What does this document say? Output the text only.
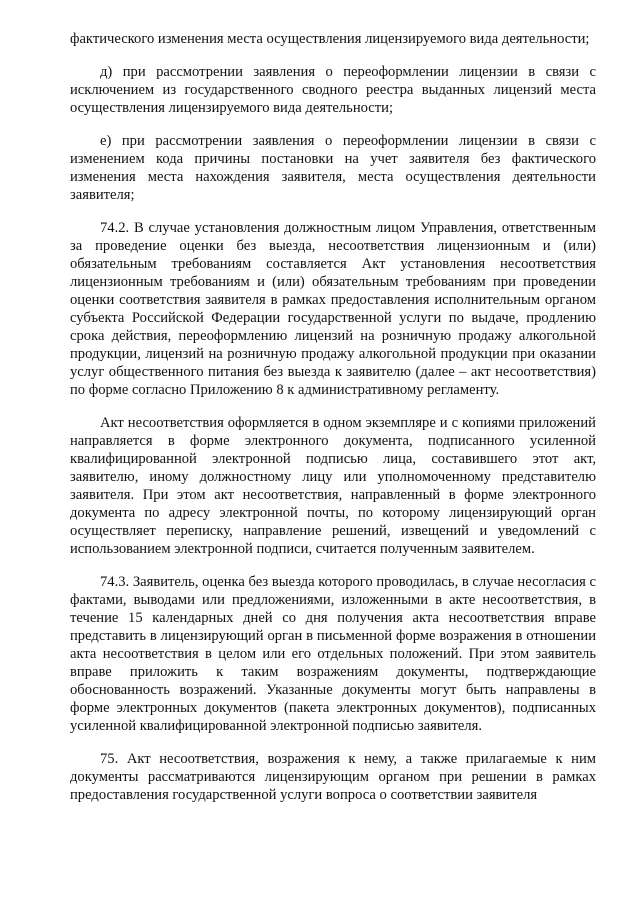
фактического изменения места осуществления лицензируемого вида деятельности;

д) при рассмотрении заявления о переоформлении лицензии в связи с исключением из государственного сводного реестра выданных лицензий места осуществления лицензируемого вида деятельности;

е) при рассмотрении заявления о переоформлении лицензии в связи с изменением кода причины постановки на учет заявителя без фактического изменения места нахождения заявителя, места осуществления деятельности заявителя;

74.2. В случае установления должностным лицом Управления, ответственным за проведение оценки без выезда, несоответствия лицензионным и (или) обязательным требованиям составляется Акт установления несоответствия лицензионным требованиям и (или) обязательным требованиям при проведении оценки соответствия заявителя в рамках предоставления исполнительным органом субъекта Российской Федерации государственной услуги по выдаче, продлению срока действия, переоформлению лицензий на розничную продажу алкогольной продукции, лицензий на розничную продажу алкогольной продукции при оказании услуг общественного питания без выезда к заявителю (далее – акт несоответствия) по форме согласно Приложению 8 к административному регламенту.

Акт несоответствия оформляется в одном экземпляре и с копиями приложений направляется в форме электронного документа, подписанного усиленной квалифицированной электронной подписью лица, составившего этот акт, заявителю, иному должностному лицу или уполномоченному представителю заявителя. При этом акт несоответствия, направленный в форме электронного документа по адресу электронной почты, по которому лицензирующий орган осуществляет переписку, направление решений, извещений и уведомлений с использованием электронной подписи, считается полученным заявителем.

74.3. Заявитель, оценка без выезда которого проводилась, в случае несогласия с фактами, выводами или предложениями, изложенными в акте несоответствия, в течение 15 календарных дней со дня получения акта несоответствия вправе представить в лицензирующий орган в письменной форме возражения в отношении акта несоответствия в целом или его отдельных положений. При этом заявитель вправе приложить к таким возражениям документы, подтверждающие обоснованность возражений. Указанные документы могут быть направлены в форме электронных документов (пакета электронных документов), подписанных усиленной квалифицированной электронной подписью заявителя.

75. Акт несоответствия, возражения к нему, а также прилагаемые к ним документы рассматриваются лицензирующим органом при решении в рамках предоставления государственной услуги вопроса о соответствии заявителя
